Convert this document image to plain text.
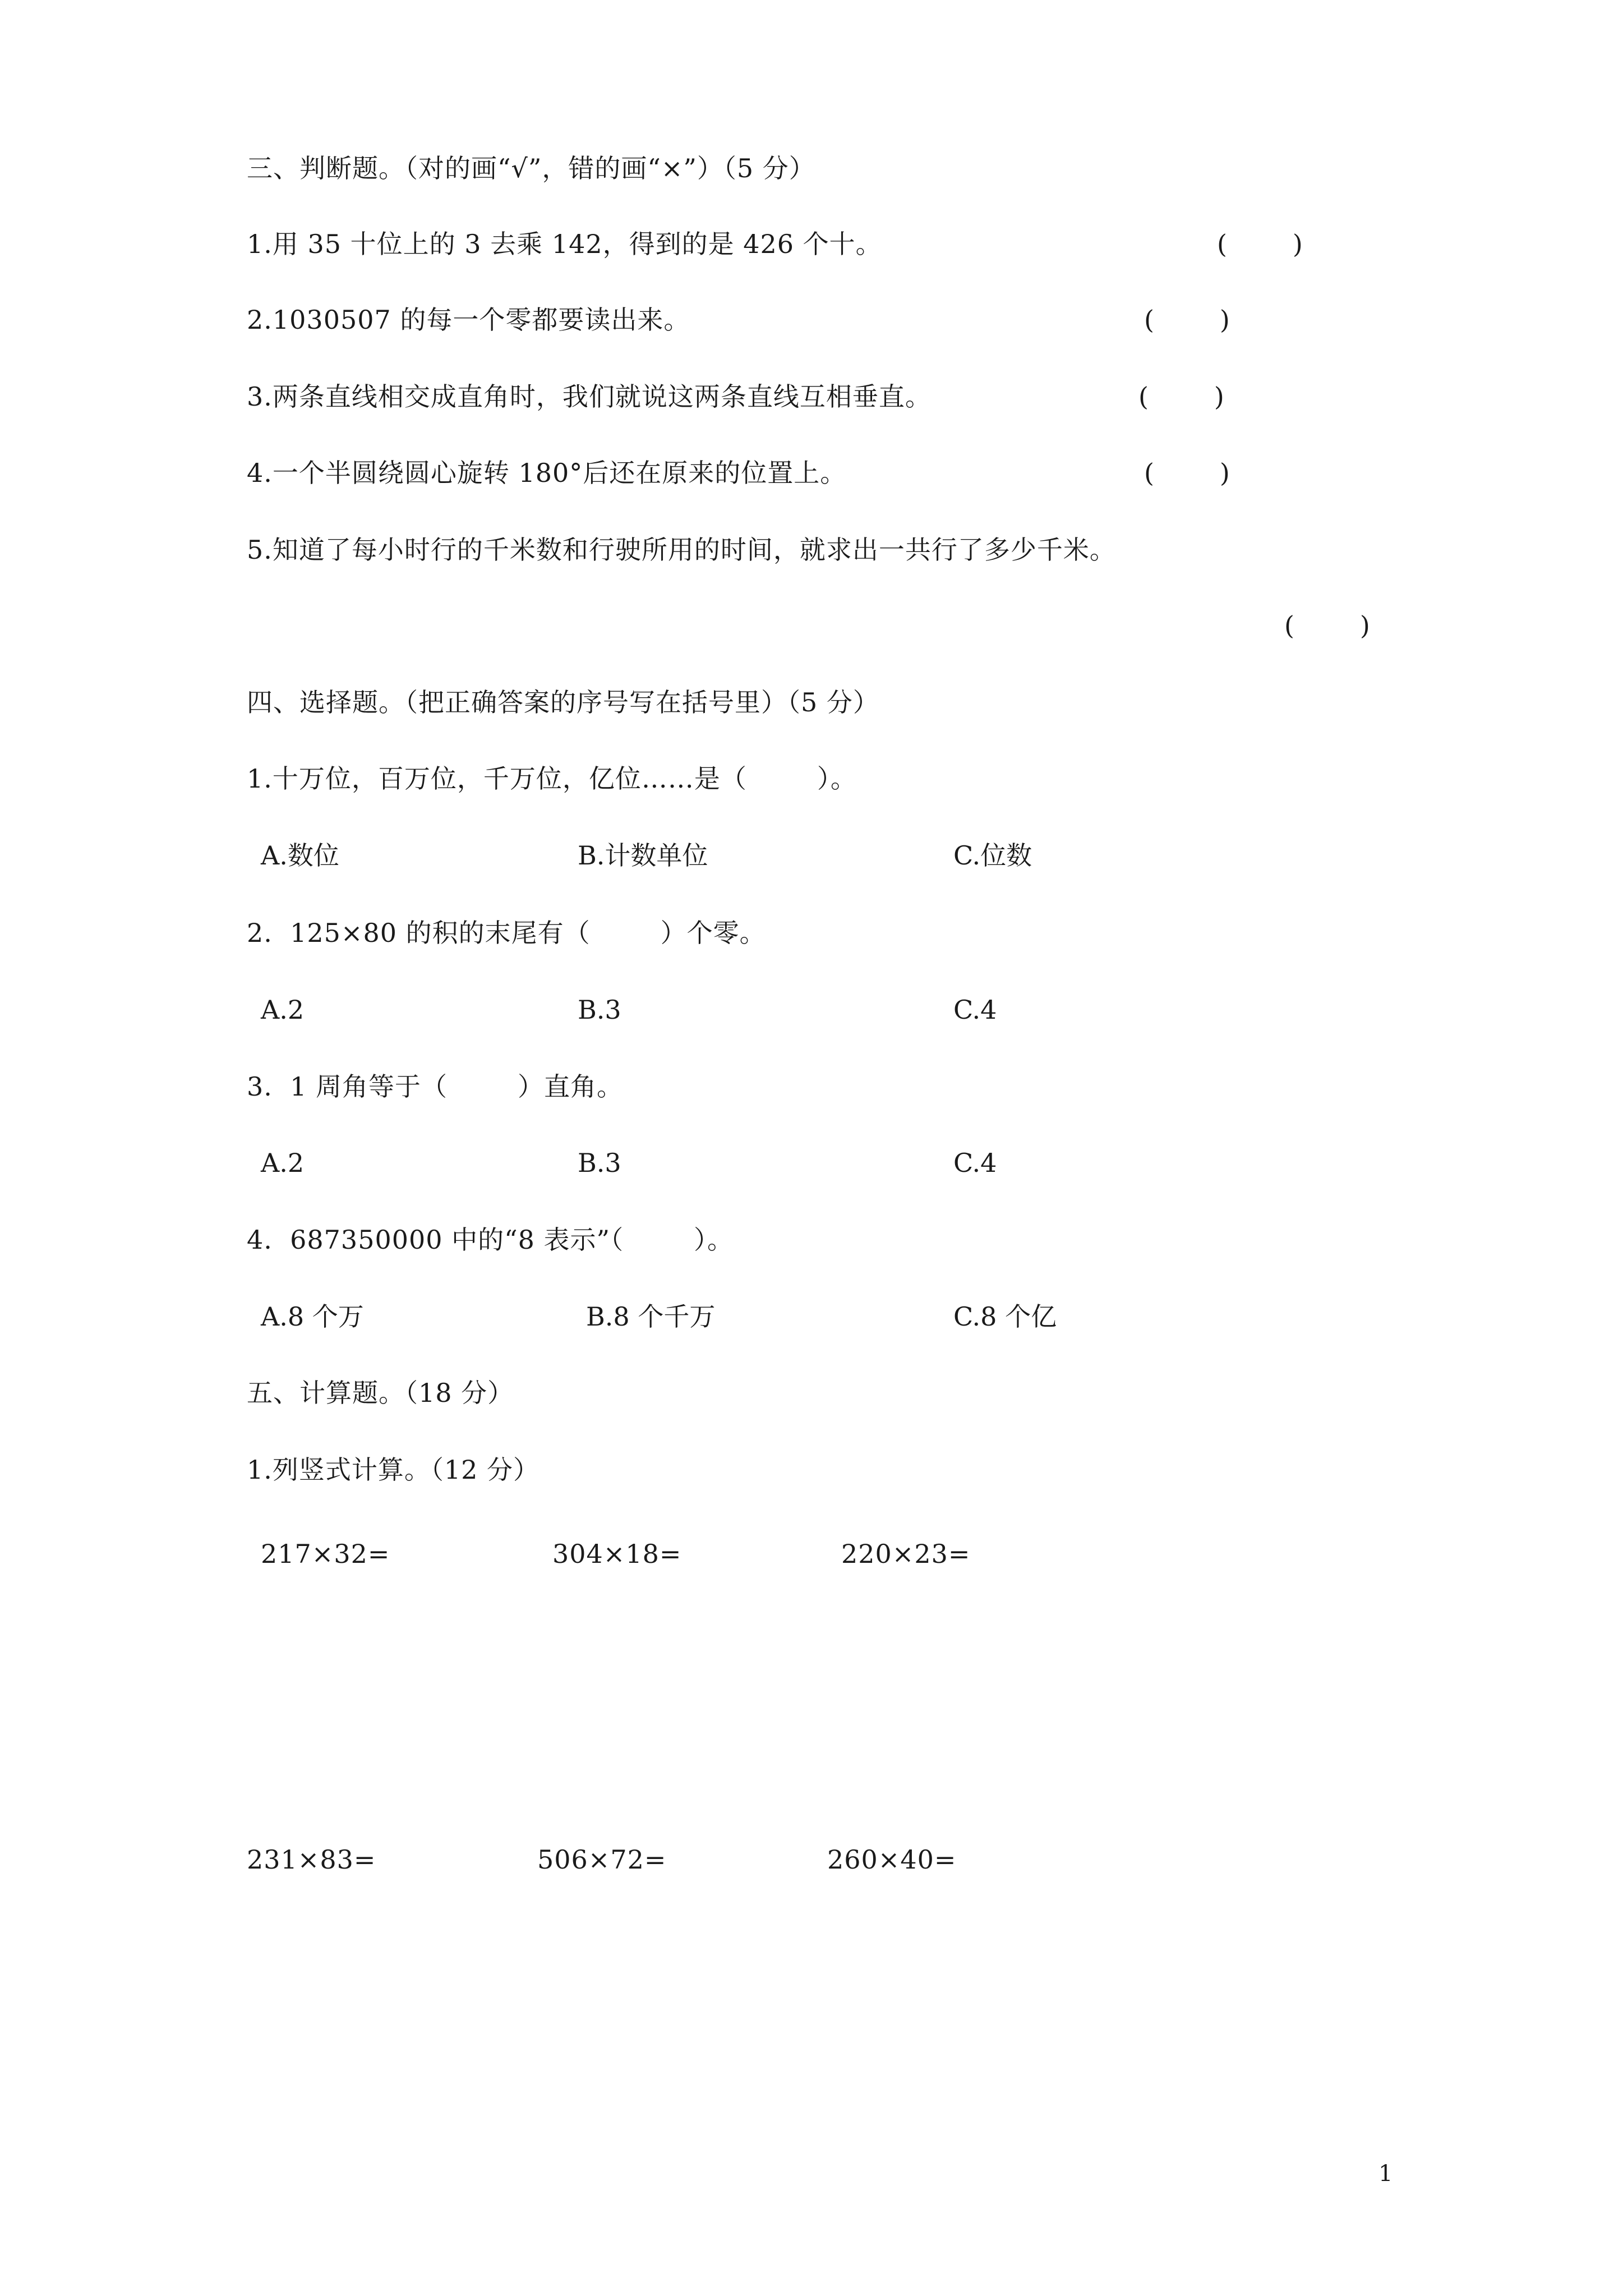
三、判断题。（对的画“√”，错的画“×”）（5 分）
1.用 35 十位上的 3 去乘 142，得到的是 426 个十。	(        )
2.1030507 的每一个零都要读出来。	(        )
3.两条直线相交成直角时，我们就说这两条直线互相垂直。	(        )
4.一个半圆绕圆心旋转 180°后还在原来的位置上。	(        )
5.知道了每小时行的千米数和行驶所用的时间，就求出一共行了多少千米。
(        )
四、选择题。（把正确答案的序号写在括号里）（5 分）
1.十万位，百万位，千万位，亿位……是（        ）。
A.数位	B.计数单位	C.位数
2.  125×80 的积的末尾有（        ）个零。
A.2	B.3	C.4
3.  1 周角等于（        ）直角。
A.2	B.3	C.4
4.  687350000 中的“8 表示”（        ）。
A.8 个万	B.8 个千万	C.8 个亿
五、计算题。（18 分）
1.列竖式计算。（12 分）
217×32=	304×18=	220×23=
231×83=	506×72=	260×40=
1
